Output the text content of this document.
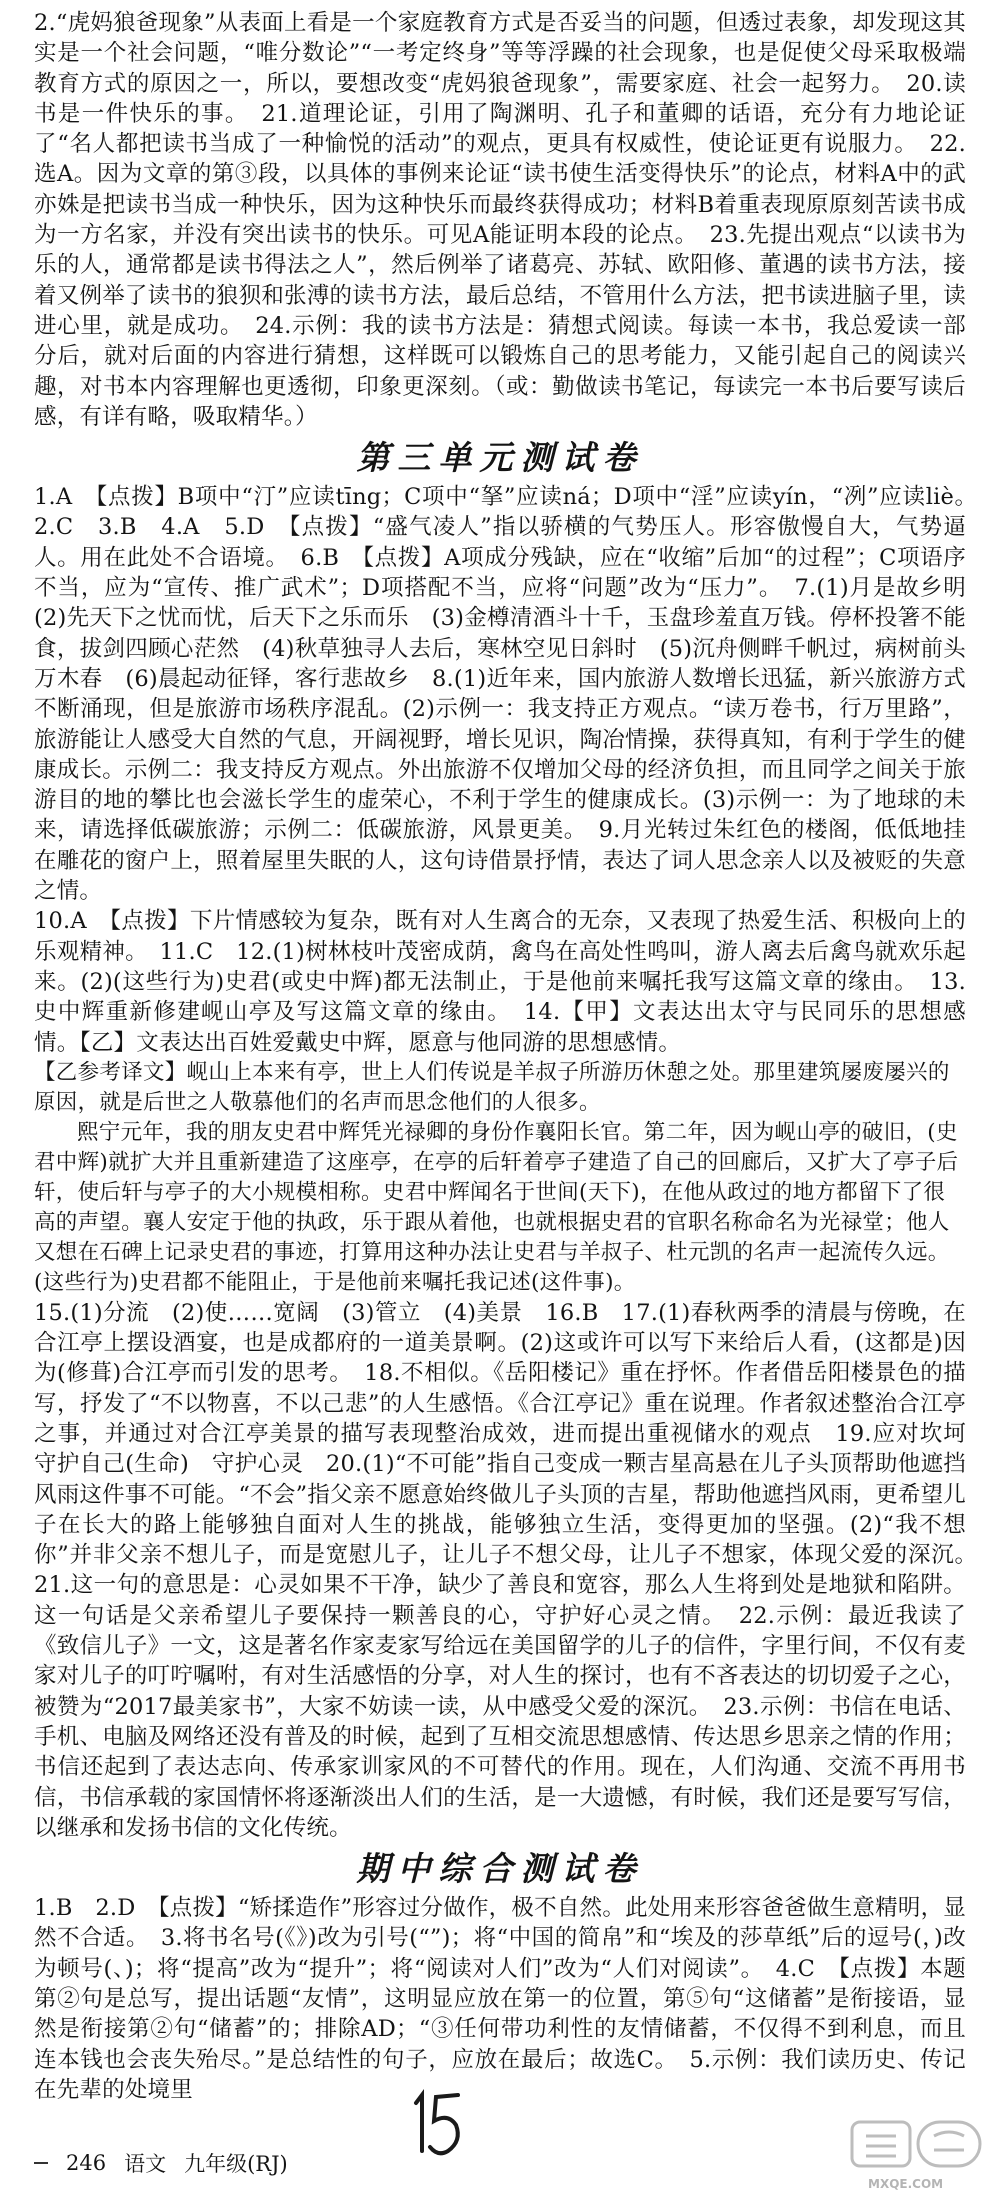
2.“虎妈狼爸现象”从表面上看是一个家庭教育方式是否妥当的问题，但透过表象，却发现这其实是一个社会问题，“唯分数论”“一考定终身”等等浮躁的社会现象，也是促使父母采取极端教育方式的原因之一，所以，要想改变“虎妈狼爸现象”，需要家庭、社会一起努力。　20.读书是一件快乐的事。　21.道理论证，引用了陶渊明、孔子和董卿的话语，充分有力地论证了“名人都把读书当成了一种愉悦的活动”的观点，更具有权威性，使论证更有说服力。　22.选A。因为文章的第③段，以具体的事例来论证“读书使生活变得快乐”的论点，材料A中的武亦姝是把读书当成一种快乐，因为这种快乐而最终获得成功；材料B着重表现原原刻苦读书成为一方名家，并没有突出读书的快乐。可见A能证明本段的论点。　23.先提出观点“以读书为乐的人，通常都是读书得法之人”，然后例举了诸葛亮、苏轼、欧阳修、董遇的读书方法，接着又例举了读书的狼狈和张溥的读书方法，最后总结，不管用什么方法，把书读进脑子里，读进心里，就是成功。　24.示例：我的读书方法是：猜想式阅读。每读一本书，我总爱读一部分后，就对后面的内容进行猜想，这样既可以锻炼自己的思考能力，又能引起自己的阅读兴趣，对书本内容理解也更透彻，印象更深刻。（或：勤做读书笔记，每读完一本书后要写读后感，有详有略，吸取精华。）

第三单元测试卷

1.A　【点拨】B项中“汀”应读tīng；C项中“拏”应读ná；D项中“淫”应读yín，“冽”应读liè。　2.C　3.B　4.A　5.D　【点拨】“盛气凌人”指以骄横的气势压人。形容傲慢自大，气势逼人。用在此处不合语境。　6.B　【点拨】A项成分残缺，应在“收缩”后加“的过程”；C项语序不当，应为“宣传、推广武术”；D项搭配不当，应将“问题”改为“压力”。　7.(1)月是故乡明　(2)先天下之忧而忧，后天下之乐而乐　(3)金樽清酒斗十千，玉盘珍羞直万钱。停杯投箸不能食，拔剑四顾心茫然　(4)秋草独寻人去后，寒林空见日斜时　(5)沉舟侧畔千帆过，病树前头万木春　(6)晨起动征铎，客行悲故乡　8.(1)近年来，国内旅游人数增长迅猛，新兴旅游方式不断涌现，但是旅游市场秩序混乱。(2)示例一：我支持正方观点。“读万卷书，行万里路”，旅游能让人感受大自然的气息，开阔视野，增长见识，陶冶情操，获得真知，有利于学生的健康成长。示例二：我支持反方观点。外出旅游不仅增加父母的经济负担，而且同学之间关于旅游目的地的攀比也会滋长学生的虚荣心，不利于学生的健康成长。(3)示例一：为了地球的未来，请选择低碳旅游；示例二：低碳旅游，风景更美。　9.月光转过朱红色的楼阁，低低地挂在雕花的窗户上，照着屋里失眠的人，这句诗借景抒情，表达了词人思念亲人以及被贬的失意之情。

10.A　【点拨】下片情感较为复杂，既有对人生离合的无奈，又表现了热爱生活、积极向上的乐观精神。　11.C　12.(1)树林枝叶茂密成荫，禽鸟在高处性鸣叫，游人离去后禽鸟就欢乐起来。(2)(这些行为)史君(或史中辉)都无法制止，于是他前来嘱托我写这篇文章的缘由。　13.史中辉重新修建岘山亭及写这篇文章的缘由。　14.【甲】文表达出太守与民同乐的思想感情。【乙】文表达出百姓爱戴史中辉，愿意与他同游的思想感情。

【乙参考译文】岘山上本来有亭，世上人们传说是羊叔子所游历休憩之处。那里建筑屡废屡兴的原因，就是后世之人敬慕他们的名声而思念他们的人很多。

熙宁元年，我的朋友史君中辉凭光禄卿的身份作襄阳长官。第二年，因为岘山亭的破旧，(史君中辉)就扩大并且重新建造了这座亭，在亭的后轩着亭子建造了自己的回廊后，又扩大了亭子后轩，使后轩与亭子的大小规模相称。史君中辉闻名于世间(天下)，在他从政过的地方都留下了很高的声望。襄人安定于他的执政，乐于跟从着他，也就根据史君的官职名称命名为光禄堂；他人又想在石碑上记录史君的事迹，打算用这种办法让史君与羊叔子、杜元凯的名声一起流传久远。(这些行为)史君都不能阻止，于是他前来嘱托我记述(这件事)。

15.(1)分流　(2)使……宽阔　(3)管立　(4)美景　16.B　17.(1)春秋两季的清晨与傍晚，在合江亭上摆设酒宴，也是成都府的一道美景啊。(2)这或许可以写下来给后人看，(这都是)因为(修葺)合江亭而引发的思考。　18.不相似。《岳阳楼记》重在抒怀。作者借岳阳楼景色的描写，抒发了“不以物喜，不以己悲”的人生感悟。《合江亭记》重在说理。作者叙述整治合江亭之事，并通过对合江亭美景的描写表现整治成效，进而提出重视储水的观点　19.应对坎坷　守护自己(生命)　守护心灵　20.(1)“不可能”指自己变成一颗吉星高悬在儿子头顶帮助他遮挡风雨这件事不可能。“不会”指父亲不愿意始终做儿子头顶的吉星，帮助他遮挡风雨，更希望儿子在长大的路上能够独自面对人生的挑战，能够独立生活，变得更加的坚强。(2)“我不想你”并非父亲不想儿子，而是宽慰儿子，让儿子不想父母，让儿子不想家，体现父爱的深沉。　21.这一句的意思是：心灵如果不干净，缺少了善良和宽容，那么人生将到处是地狱和陷阱。这一句话是父亲希望儿子要保持一颗善良的心，守护好心灵之情。　22.示例：最近我读了《致信儿子》一文，这是著名作家麦家写给远在美国留学的儿子的信件，字里行间，不仅有麦家对儿子的叮咛嘱咐，有对生活感悟的分享，对人生的探讨，也有不吝表达的切切爱子之心，被赞为“2017最美家书”，大家不妨读一读，从中感受父爱的深沉。　23.示例：书信在电话、手机、电脑及网络还没有普及的时候，起到了互相交流思想感情、传达思乡思亲之情的作用；书信还起到了表达志向、传承家训家风的不可替代的作用。现在，人们沟通、交流不再用书信，书信承载的家国情怀将逐渐淡出人们的生活，是一大遗憾，有时候，我们还是要写写信，以继承和发扬书信的文化传统。

期中综合测试卷

1.B　2.D　【点拨】“矫揉造作”形容过分做作，极不自然。此处用来形容爸爸做生意精明，显然不合适。　3.将书名号(《》)改为引号(“”)；将“中国的简帛”和“埃及的莎草纸”后的逗号(，)改为顿号(、)；将“提高”改为“提升”；将“阅读对人们”改为“人们对阅读”。　4.C　【点拨】本题第②句是总写，提出话题“友情”，这明显应放在第一的位置，第⑤句“这储蓄”是衔接语，显然是衔接第②句“储蓄”的；排除AD；“③任何带功利性的友情储蓄，不仅得不到利息，而且连本钱也会丧失殆尽。”是总结性的句子，应放在最后；故选C。　5.示例：我们读历史、传记　在先辈的处境里

246 语文 九年级(RJ)
MXQE.COM
